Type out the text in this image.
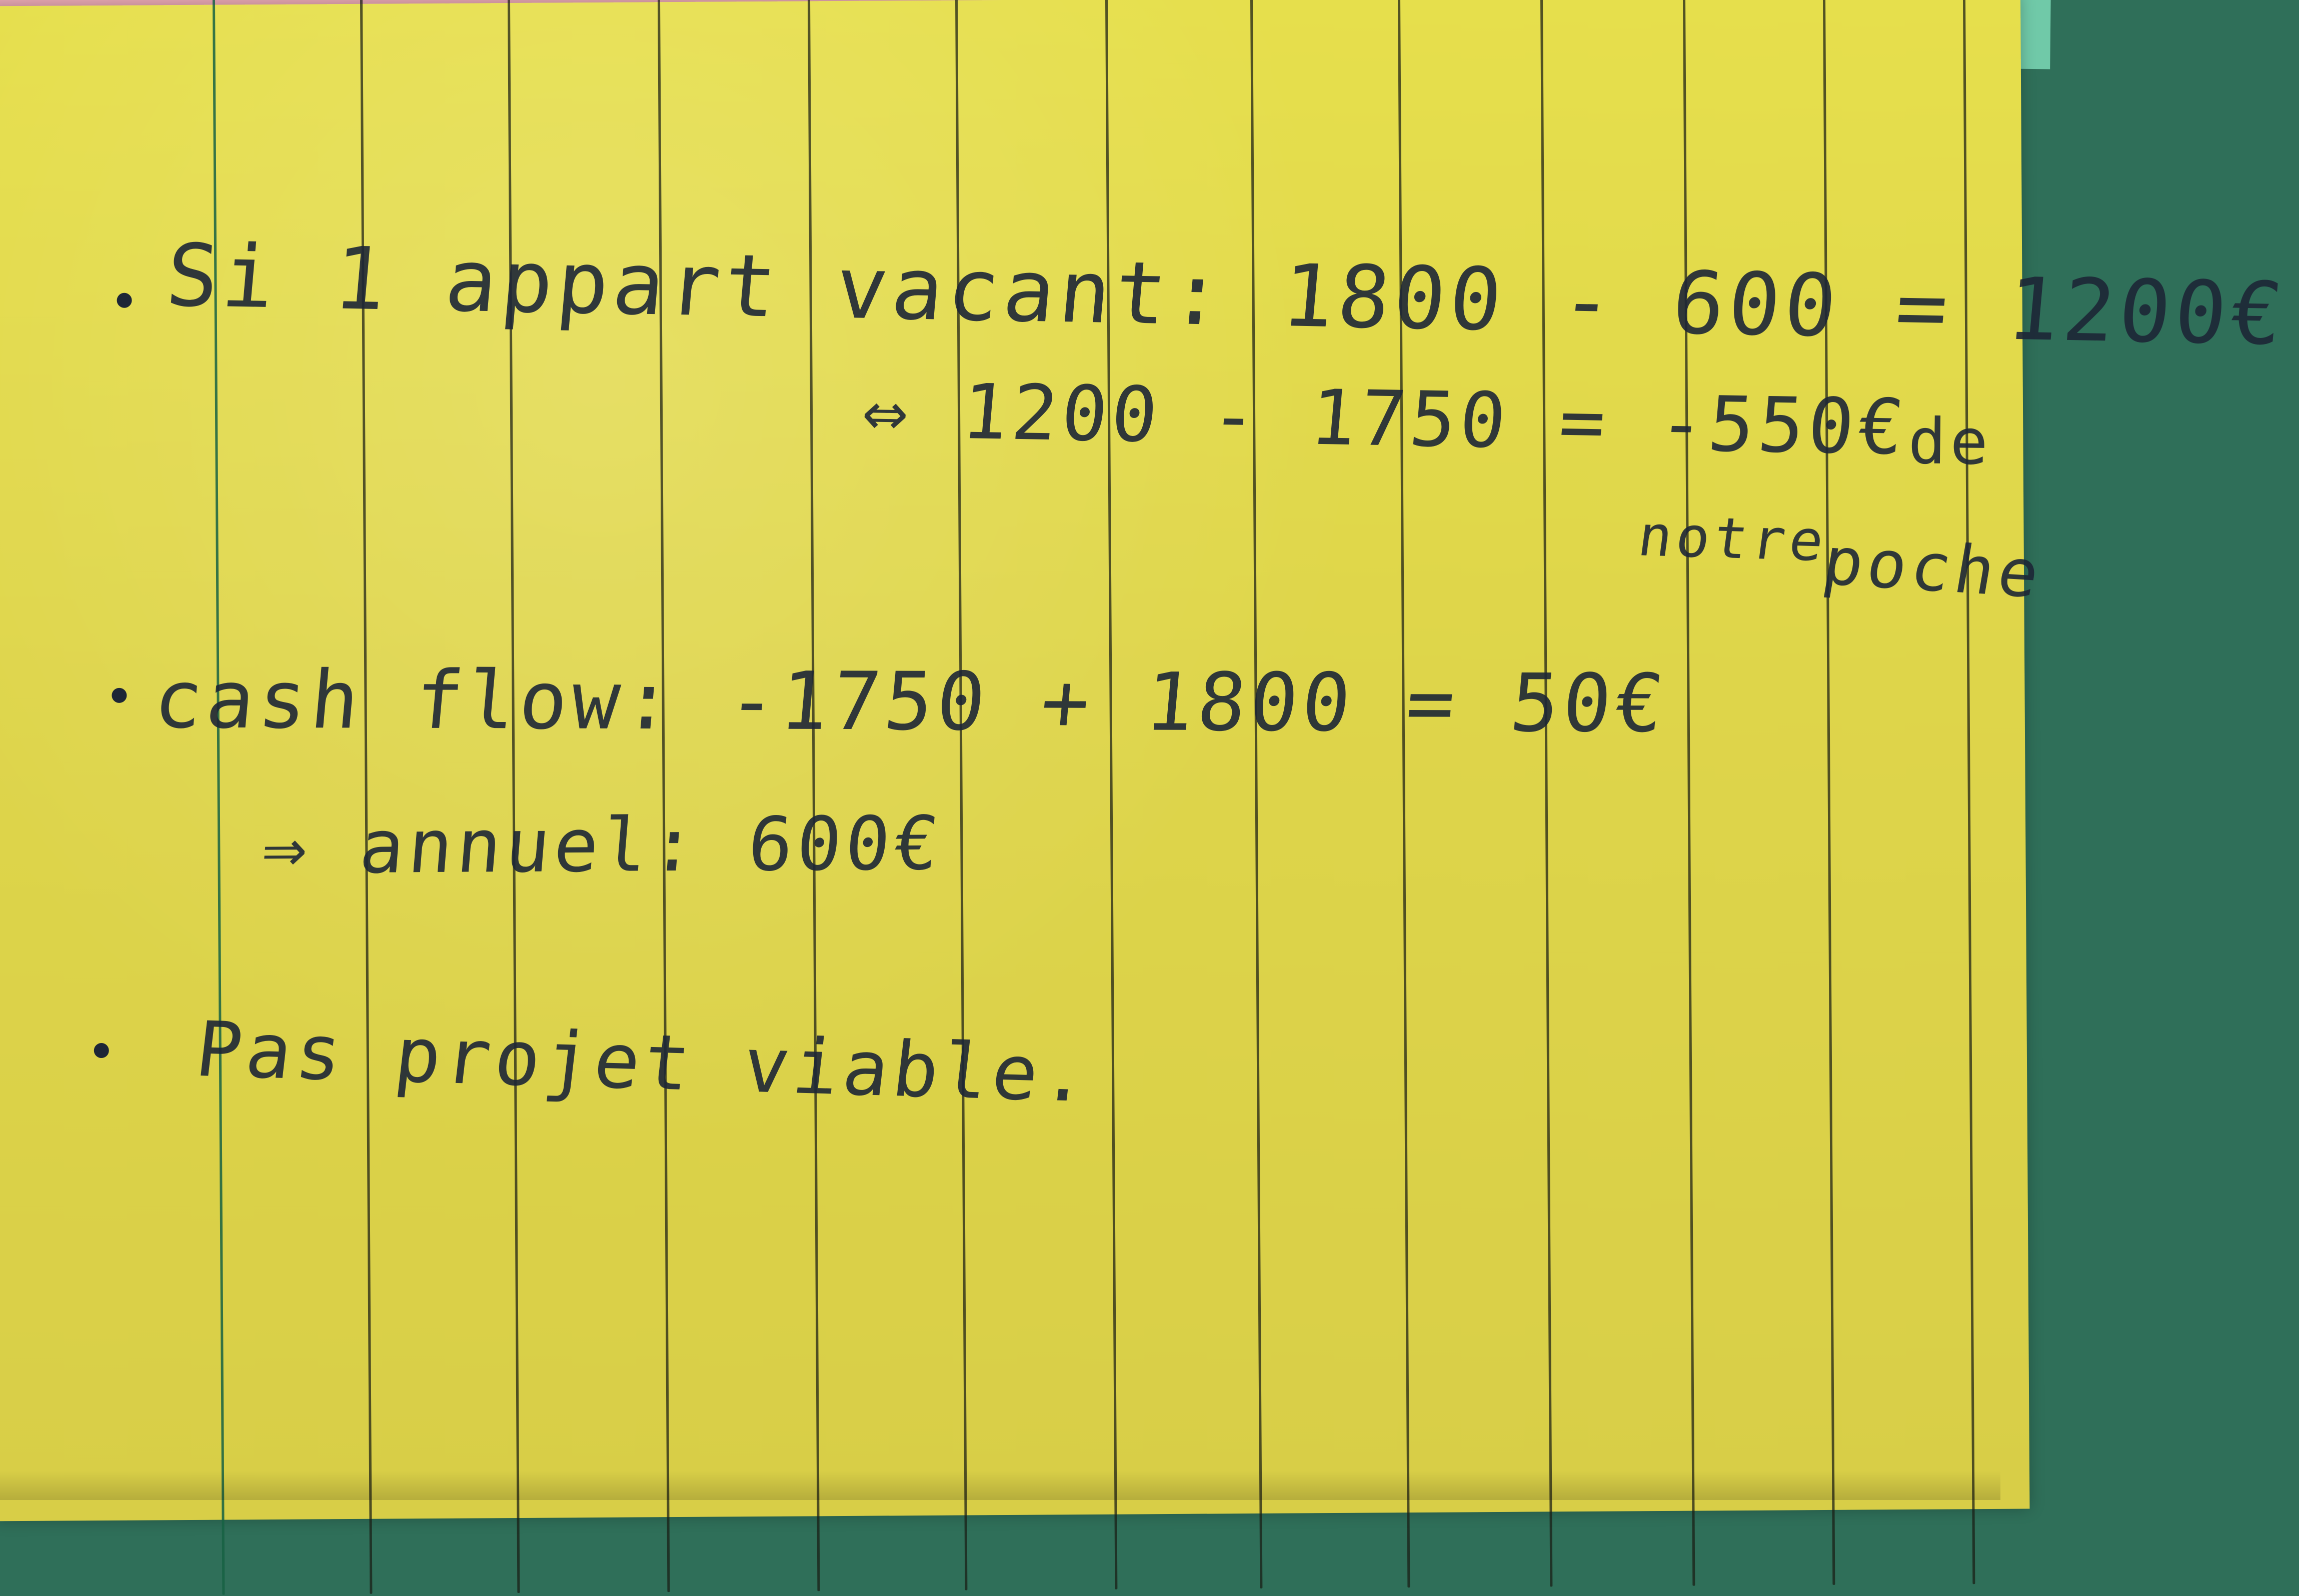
Si 1 appart vacant: 1800 - 600 = 1200€
⇔ 1200 - 1750 = -550€
de
notre
poche
cash flow: -1750 + 1800 = 50€
⇒ annuel: 600€
Pas projet viable.
